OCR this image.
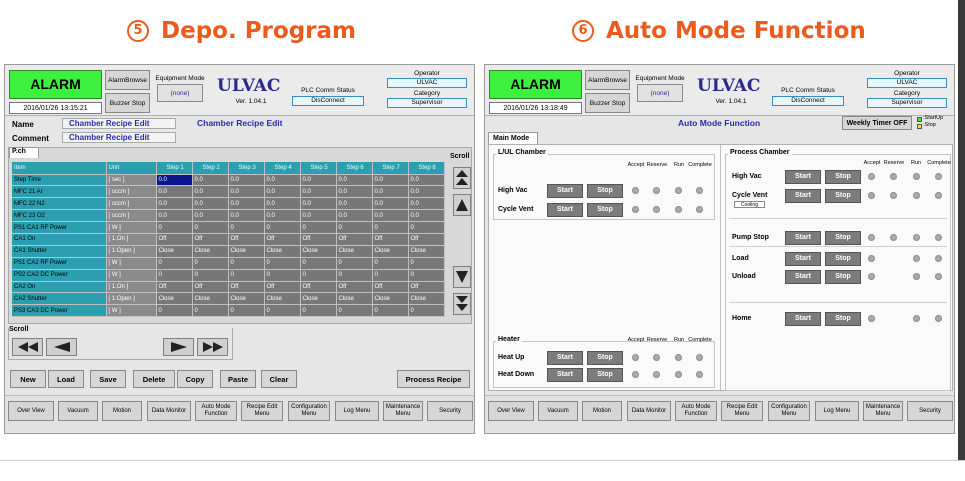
5 Depo. Program	6 Auto Mode Function
ALARM
2016/01/26 13:15:21
AlarmBrowse
Buzzer Stop
Equipment Mode
(none) ULVAC
Ver. 1.04.1
PLC Comm Status
DisConnect
Operator
ULVAC
Category
Supervisor
Name	Chamber Recipe Edit
Comment	Chamber Recipe Edit
Chamber Recipe Edit
P.ch
Scroll
Item	Unit	Step 1	Step 2	Step 3	Step 4	Step 5	Step 6	Step 7	Step 8
Step Time	[ sec ]	0.0	0.0	0.0	0.0	0.0	0.0	0.0	0.0
MFC 21 Ar	[ sccm ]	0.0	0.0	0.0	0.0	0.0	0.0	0.0	0.0
MFC 22 N2	[ sccm ]	0.0	0.0	0.0	0.0	0.0	0.0	0.0	0.0
MFC 23 O2	[ sccm ]	0.0	0.0	0.0	0.0	0.0	0.0	0.0	0.0
PS1 CA1 RF Power	[ W ]	0	0	0	0	0	0	0	0
CA1 On	[ 1:On ]	Off	Off	Off	Off	Off	Off	Off	Off
CA1 Shutter	[ 1:Open ]	Close	Close	Close	Close	Close	Close	Close	Close
PS1 CA2 RF Power	[ W ]	0	0	0	0	0	0	0	0
PS2 CA2 DC Power	[ W ]	0	0	0	0	0	0	0	0
CA2 On	[ 1:On ]	Off	Off	Off	Off	Off	Off	Off	Off
CA2 Shutter	[ 1:Open ]	Close	Close	Close	Close	Close	Close	Close	Close
PS3 CA3 DC Power	[ W ]	0	0	0	0	0	0	0	0
Scroll
New	Load	Save	Delete	Copy	Paste	Clear	Process Recipe
Over View	Vacuum	Motion	Data Monitor
Auto Mode Function
Recipe Edit Menu
Configuration Menu
Log Menu
Maintenance Menu
Security
ALARM
2016/01/26 13:18:49
AlarmBrowse
Buzzer Stop
Equipment Mode
(none) ULVAC
Ver. 1.04.1
PLC Comm Status
DisConnect
Operator
ULVAC
Category
Supervisor
Auto Mode Function	Weekly Timer OFF
:StartUp
:Stop
Main Mode
L/UL Chamber
Accept Reserve	Run Complete
High Vac	Start	Stop
Cycle Vent	Start	Stop
Heater	Accept Reserve	Run Complete
Heat Up	Start	Stop
Heat Down	Start	Stop
Process Chamber
Accept Reserve	Run	Complete
High Vac	Start	Stop
Cycle Vent	Start	Stop
Pump Stop	Start	Stop
Load	Start	Stop
Unload	Start	Stop
Home	Start	Stop
Cooling
Over View	Vacuum	Motion	Data Monitor
Auto Mode Function
Recipe Edit Menu
Configuration Menu
Log Menu
Maintenance Menu
Security
